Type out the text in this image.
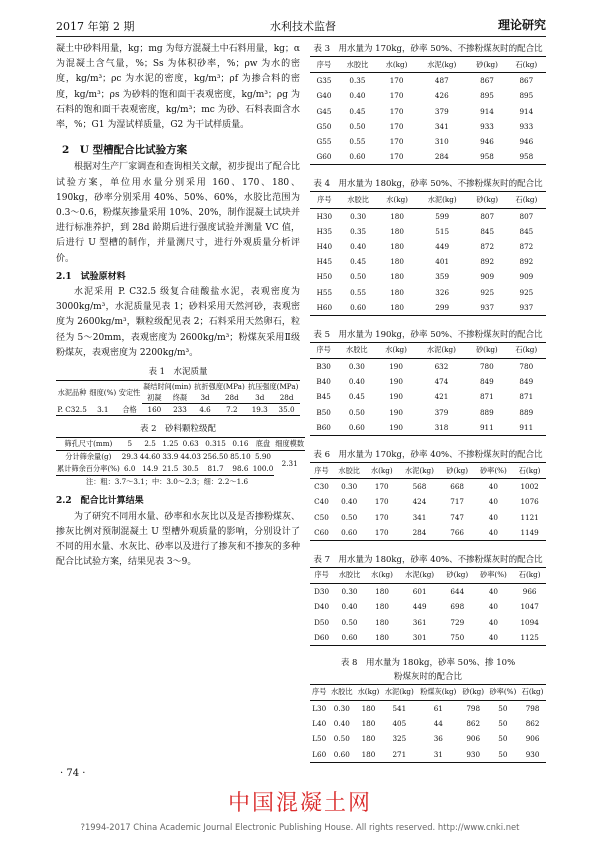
2017 年第 2 期	水利技术监督	理论研究

凝土中砂料用量，kg；mg 为每方混凝土中石料用量，kg；α 为混凝土含气量，%；Ss 为体积砂率，%；ρw 为水的密度，kg/m³；ρc 为水泥的密度，kg/m³；ρf 为掺合料的密度，kg/m³；ρs 为砂料的饱和面干表观密度，kg/m³；ρg 为石料的饱和面干表观密度，kg/m³；mc 为砂、石料表面含水率，%；G1 为湿试样质量，G2 为干试样质量。

2　U 型槽配合比试验方案

根据对生产厂家调查和查询相关文献，初步提出了配合比试验方案，单位用水量分别采用 160、170、180、190kg，砂率分别采用 40%、50%、60%，水胶比范围为 0.3～0.6，粉煤灰掺量采用 10%、20%，制作混凝土试块并进行标准养护，到 28d 龄期后进行强度试验并测量 VC 值，后进行 U 型槽的制作，并量测尺寸，进行外观质量分析评价。

2.1　试验原材料

水泥采用 P. C32.5 级复合硅酸盐水泥，表观密度为 3000kg/m³，水泥质量见表 1；砂料采用天然河砂，表观密度为 2600kg/m³，颗粒级配见表 2；石料采用天然卵石，粒径为 5～20mm，表观密度为 2600kg/m³；粉煤灰采用Ⅱ级粉煤灰，表观密度为 2200kg/m³。

表 1　水泥质量
水泥品种	细度(%)	安定性	凝结时间(min)		抗折强度(MPa)		抗压强度(MPa)	
			初凝	终凝	3d	28d	3d	28d
P. C32.5	3.1	合格	160	233	4.6	7.2	19.3	35.0
表 2　砂料颗粒级配
筛孔尺寸(mm)	5	2.5	1.25	0.63	0.315	0.16	底盘	细度模数
分计筛余量(g)	29.3	44.60	33.9	44.03	256.50	85.10	5.90	2.31
累计筛余百分率(%)	6.0	14.9	21.5	30.5	81.7	98.6	100.0	
注：粗：3.7～3.1；中：3.0～2.3；细：2.2～1.6
2.2　配合比计算结果

为了研究不同用水量、砂率和水灰比以及是否掺粉煤灰、掺灰比例对预制混凝土 U 型槽外观质量的影响，分别设计了不同的用水量、水灰比、砂率以及进行了掺灰和不掺灰的多种配合比试验方案，结果见表 3～9。

· 74 ·
表 3　用水量为 170kg，砂率 50%、不掺粉煤灰时的配合比
序号	水胶比	水(kg)	水泥(kg)	砂(kg)	石(kg)
G35	0.35	170	487	867	867
G40	0.40	170	426	895	895
G45	0.45	170	379	914	914
G50	0.50	170	341	933	933
G55	0.55	170	310	946	946
G60	0.60	170	284	958	958
表 4　用水量为 180kg，砂率 50%、不掺粉煤灰时的配合比
序号	水胶比	水(kg)	水泥(kg)	砂(kg)	石(kg)
H30	0.30	180	599	807	807
H35	0.35	180	515	845	845
H40	0.40	180	449	872	872
H45	0.45	180	401	892	892
H50	0.50	180	359	909	909
H55	0.55	180	326	925	925
H60	0.60	180	299	937	937
表 5　用水量为 190kg，砂率 50%、不掺粉煤灰时的配合比
序号	水胶比	水(kg)	水泥(kg)	砂(kg)	石(kg)
B30	0.30	190	632	780	780
B40	0.40	190	474	849	849
B45	0.45	190	421	871	871
B50	0.50	190	379	889	889
B60	0.60	190	318	911	911
表 6　用水量为 170kg，砂率 40%、不掺粉煤灰时的配合比
序号	水胶比	水(kg)	水泥(kg)	砂(kg)	砂率(%)	石(kg)
C30	0.30	170	568	668	40	1002
C40	0.40	170	424	717	40	1076
C50	0.50	170	341	747	40	1121
C60	0.60	170	284	766	40	1149
表 7　用水量为 180kg，砂率 40%、不掺粉煤灰时的配合比
序号	水胶比	水(kg)	水泥(kg)	砂(kg)	砂率(%)	石(kg)
D30	0.30	180	601	644	40	966
D40	0.40	180	449	698	40	1047
D50	0.50	180	361	729	40	1094
D60	0.60	180	301	750	40	1125
表 8　用水量为 180kg，砂率 50%、掺 10% 粉煤灰时的配合比
序号	水胶比	水(kg)	水泥(kg)	粉煤灰(kg)	砂(kg)	砂率(%)	石(kg)
L30	0.30	180	541	61	798	50	798
L40	0.40	180	405	44	862	50	862
L50	0.50	180	325	36	906	50	906
L60	0.60	180	271	31	930	50	930
中国混凝土网
?1994-2017 China Academic Journal Electronic Publishing House. All rights reserved. http://www.cnki.net
